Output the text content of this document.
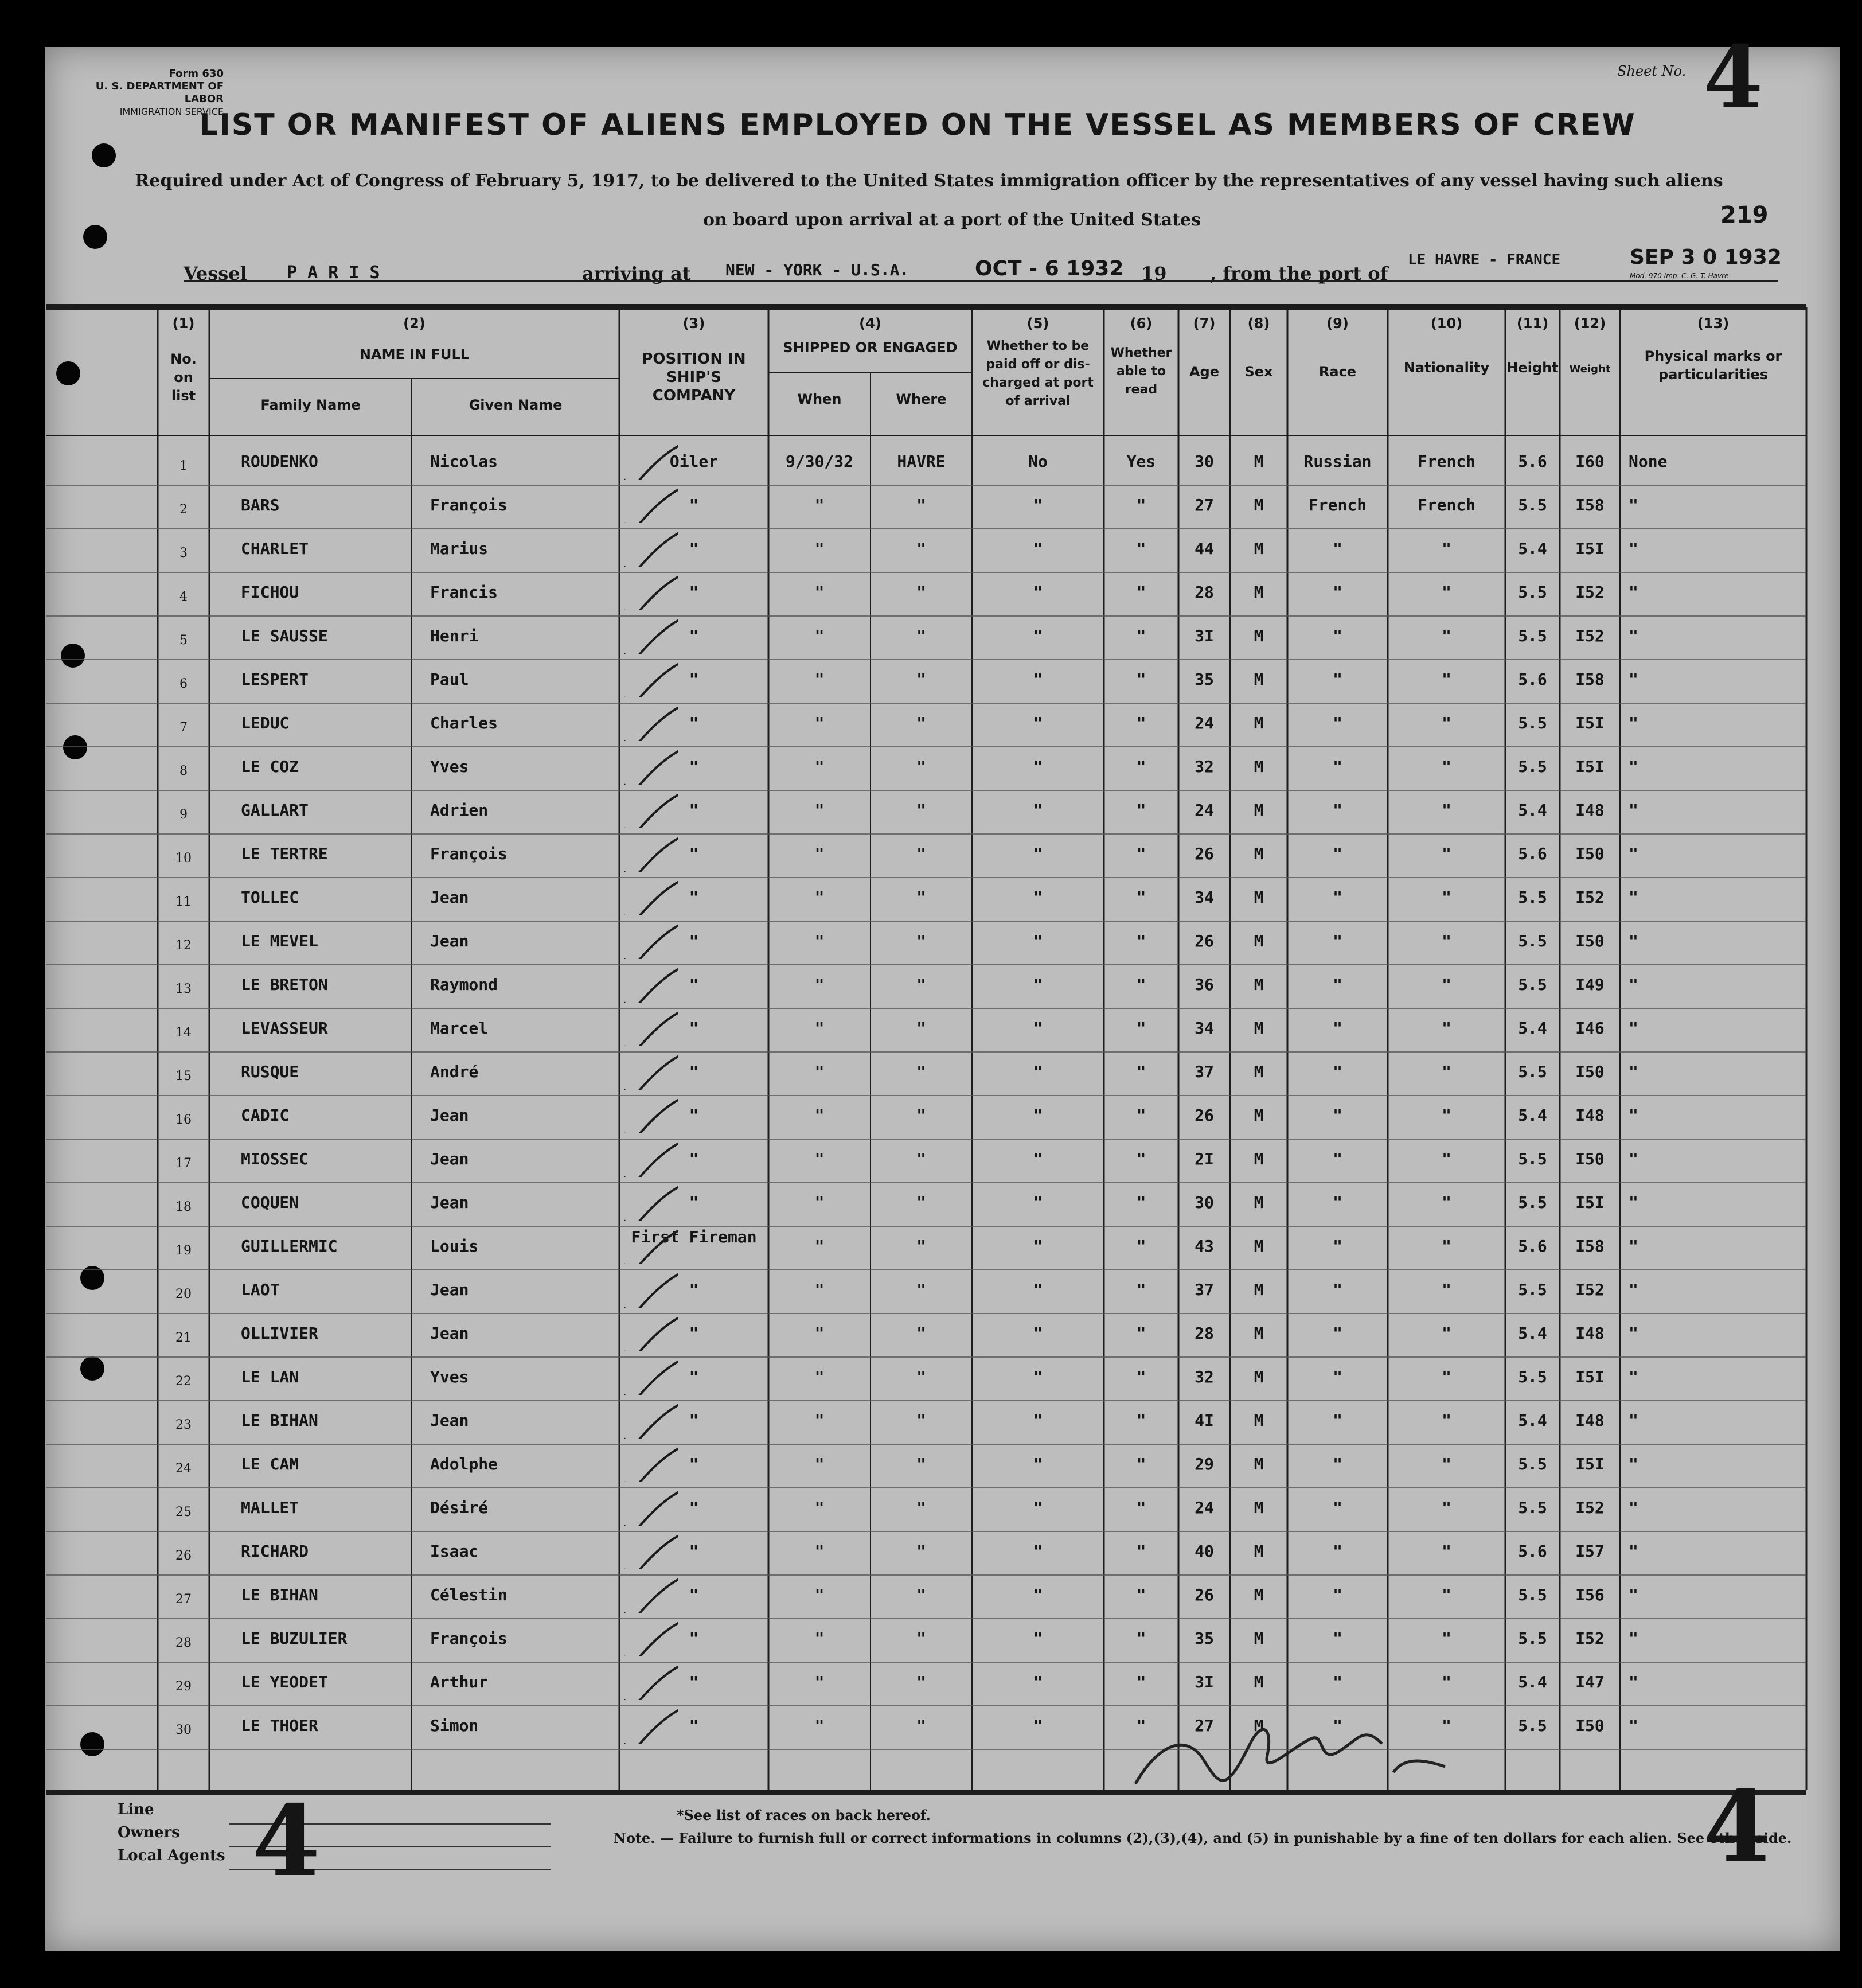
Form 630
U. S. DEPARTMENT OF LABOR
IMMIGRATION SERVICE
Sheet No. 4
LIST OR MANIFEST OF ALIENS EMPLOYED ON THE VESSEL AS MEMBERS OF CREW
Required under Act of Congress of February 5, 1917, to be delivered to the United States immigration officer by the representatives of any vessel having such aliens
on board upon arrival at a port of the United States	219
Vessel P A R I S	arriving at NEW - YORK - U.S.A.	OCT - 6 1932 19 , from the port of
LE HAVRE - FRANCE	SEP 3 0 1932
Mod. 970 Imp. C. G. T. Havre
(1)
No. on list
(2)
NAME IN FULL
Family Name	Given Name
(3)
POSITION IN SHIP'S COMPANY
(4)
SHIPPED OR ENGAGED
When	Where
(5)
Whether to be paid off or dis-charged at port of arrival
(6)
Whether able to read
(7)
Age
(8)
Sex
(9)
Race
(10)
Nationality
(11)
Height
(12)
Weight
(13)
Physical marks or particularities
1	ROUDENKO	Nicolas	Oiler	9/30/32	HAVRE	No	Yes	30	M	Russian	French	5.6	I60	None
2	BARS	François	"	"	"	"	"	27	M	French	French	5.5	I58	"
3	CHARLET	Marius	"	"	"	"	"	44	M	"	"	5.4	I5I	"
4	FICHOU	Francis	"	"	"	"	"	28	M	"	"	5.5	I52	"
5	LE SAUSSE	Henri	"	"	"	"	"	3I	M	"	"	5.5	I52	"
6	LESPERT	Paul	"	"	"	"	"	35	M	"	"	5.6	I58	"
7	LEDUC	Charles	"	"	"	"	"	24	M	"	"	5.5	I5I	"
8	LE COZ	Yves	"	"	"	"	"	32	M	"	"	5.5	I5I	"
9	GALLART	Adrien	"	"	"	"	"	24	M	"	"	5.4	I48	"
10	LE TERTRE	François	"	"	"	"	"	26	M	"	"	5.6	I50	"
11	TOLLEC	Jean	"	"	"	"	"	34	M	"	"	5.5	I52	"
12	LE MEVEL	Jean	"	"	"	"	"	26	M	"	"	5.5	I50	"
13	LE BRETON	Raymond	"	"	"	"	"	36	M	"	"	5.5	I49	"
14	LEVASSEUR	Marcel	"	"	"	"	"	34	M	"	"	5.4	I46	"
15	RUSQUE	André	"	"	"	"	"	37	M	"	"	5.5	I50	"
16	CADIC	Jean	"	"	"	"	"	26	M	"	"	5.4	I48	"
17	MIOSSEC	Jean	"	"	"	"	"	2I	M	"	"	5.5	I50	"
18	COQUEN	Jean	"	"	"	"	"	30	M	"	"	5.5	I5I	"
19	GUILLERMIC	Louis	First Fireman	"	"	"	"	43	M	"	"	5.6	I58	"
20	LAOT	Jean	"	"	"	"	"	37	M	"	"	5.5	I52	"
21	OLLIVIER	Jean	"	"	"	"	"	28	M	"	"	5.4	I48	"
22	LE LAN	Yves	"	"	"	"	"	32	M	"	"	5.5	I5I	"
23	LE BIHAN	Jean	"	"	"	"	"	4I	M	"	"	5.4	I48	"
24	LE CAM	Adolphe	"	"	"	"	"	29	M	"	"	5.5	I5I	"
25	MALLET	Désiré	"	"	"	"	"	24	M	"	"	5.5	I52	"
26	RICHARD	Isaac	"	"	"	"	"	40	M	"	"	5.6	I57	"
27	LE BIHAN	Célestin	"	"	"	"	"	26	M	"	"	5.5	I56	"
28	LE BUZULIER	François	"	"	"	"	"	35	M	"	"	5.5	I52	"
29	LE YEODET	Arthur	"	"	"	"	"	3I	M	"	"	5.4	I47	"
30	LE THOER	Simon	"	"	"	"	"	27	M	"	"	5.5	I50	"
Line
Owners
Local Agents 4	4
*See list of races on back hereof.
Note. — Failure to furnish full or correct informations in columns (2),(3),(4), and (5) in punishable by a fine of ten dollars for each alien. See other side.
